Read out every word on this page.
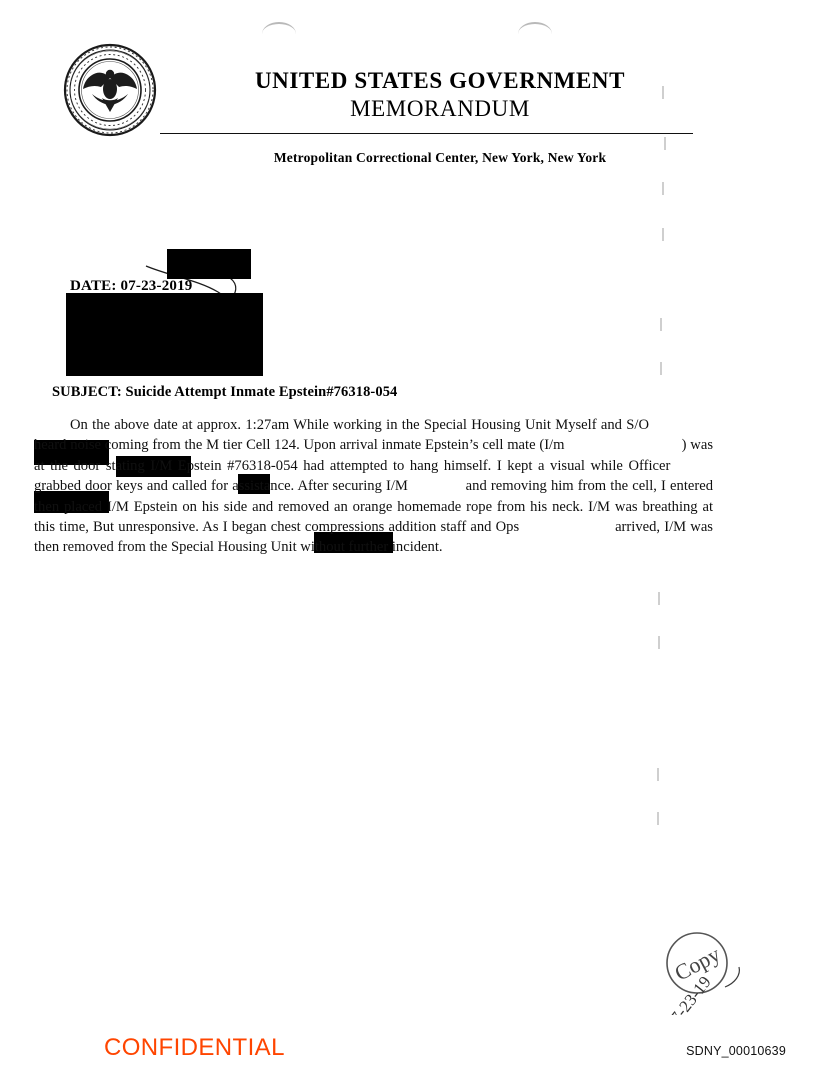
UNITED STATES GOVERNMENT
MEMORANDUM
Metropolitan Correctional Center, New York, New York
DATE: 07-23-2019
SUBJECT: Suicide Attempt Inmate Epstein#76318-054
On the above date at approx. 1:27am While working in the Special Housing Unit Myself and S/O                heard noise coming from the M tier Cell 124. Upon arrival inmate Epstein’s cell mate (I/m                               ) was at the door stating I/M Epstein #76318-054 had attempted to hang himself. I kept a visual while Officer         grabbed door keys and called for assistance. After securing I/M              and removing him from the cell, I entered then placed I/M Epstein on his side and removed an orange homemade rope from his neck. I/M was breathing at this time, But unresponsive. As I began chest compressions addition staff and Ops                       arrived, I/M was then removed from the Special Housing Unit without further incident.
Copy
7-23-19
CONFIDENTIAL	SDNY_00010639
